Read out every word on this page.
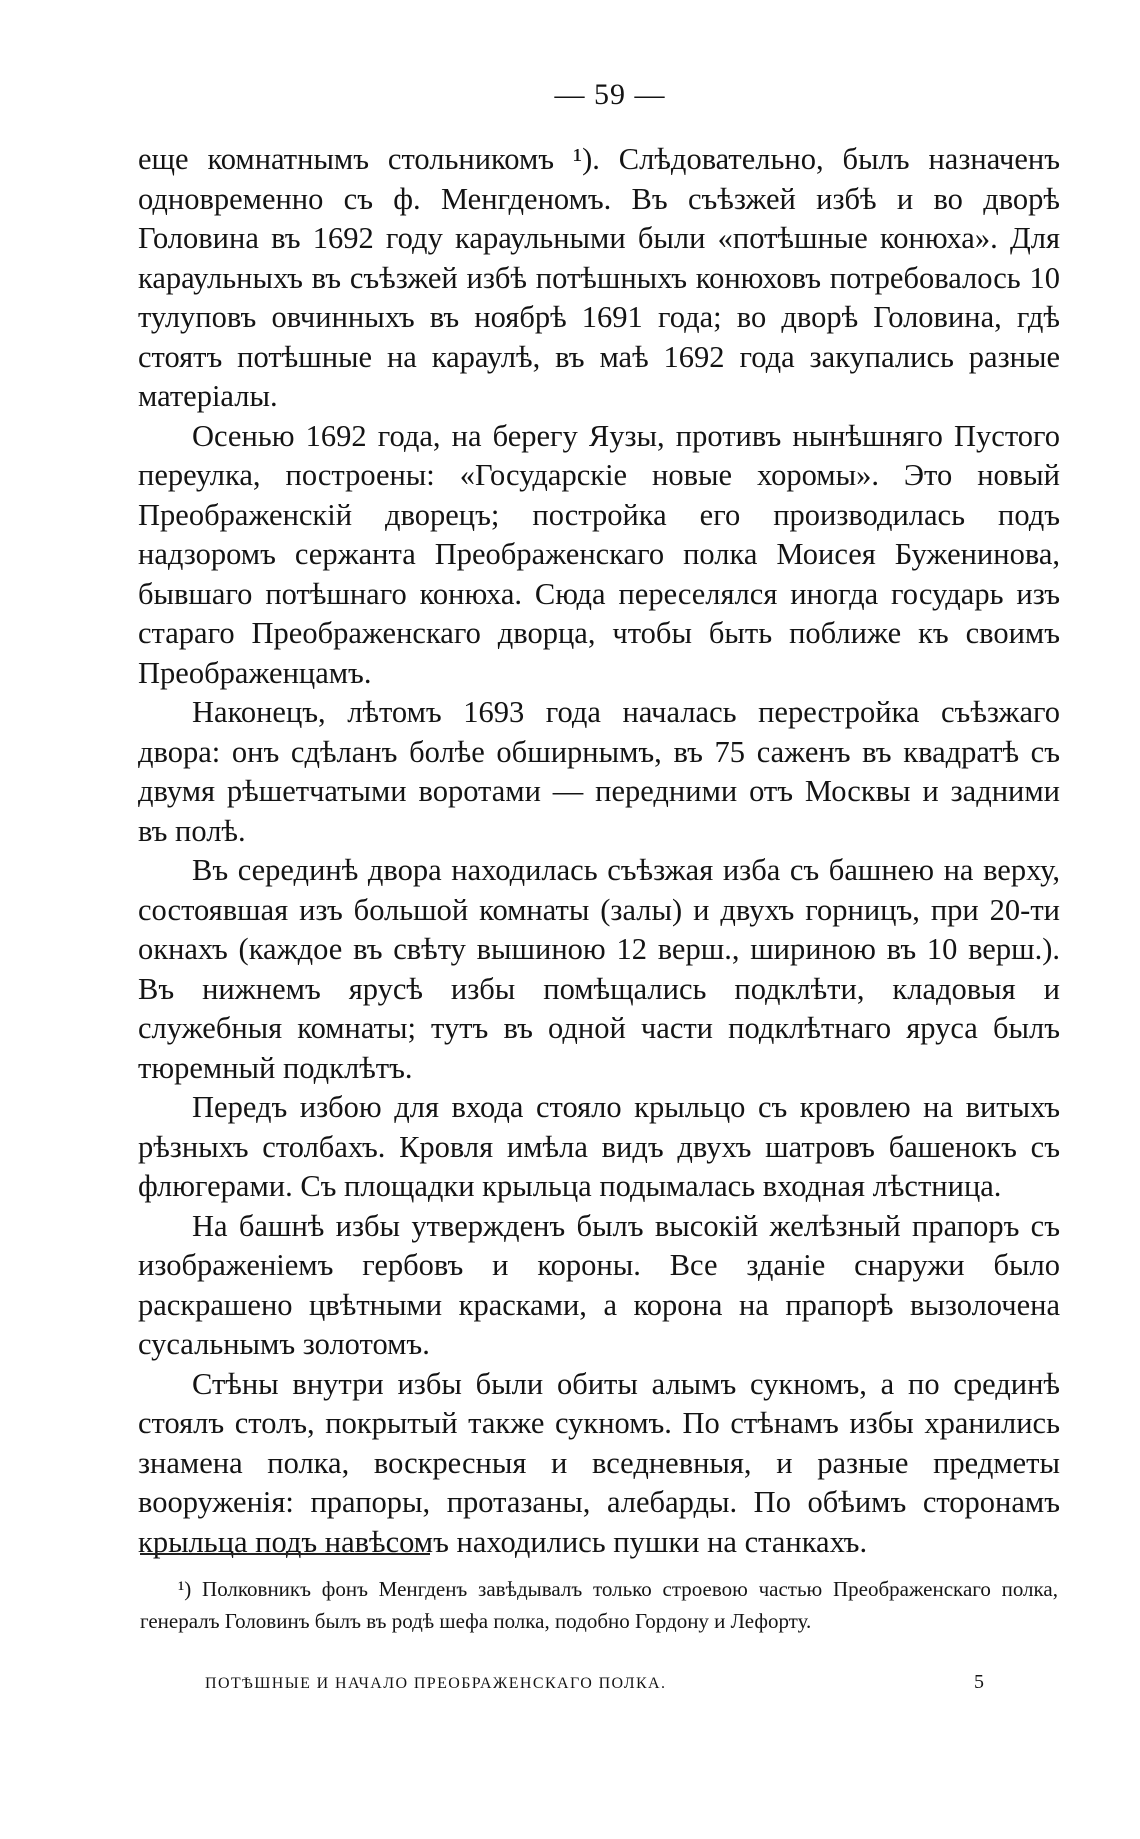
— 59 —

еще комнатнымъ стольникомъ ¹). Слѣдовательно, былъ назначенъ одновременно съ ф. Менгденомъ. Въ съѣзжей избѣ и во дворѣ Головина въ 1692 году караульными были «потѣшные конюха». Для караульныхъ въ съѣзжей избѣ потѣшныхъ конюховъ потребовалось 10 тулуповъ овчинныхъ въ ноябрѣ 1691 года; во дворѣ Головина, гдѣ стоятъ потѣшные на караулѣ, въ маѣ 1692 года закупались разные матеріалы.

Осенью 1692 года, на берегу Яузы, противъ нынѣшняго Пустого переулка, построены: «Государскіе новые хоромы». Это новый Преображенскій дворецъ; постройка его производилась подъ надзоромъ сержанта Преображенскаго полка Моисея Буженинова, бывшаго потѣшнаго конюха. Сюда переселялся иногда государь изъ стараго Преображенскаго дворца, чтобы быть поближе къ своимъ Преображенцамъ.

Наконецъ, лѣтомъ 1693 года началась перестройка съѣзжаго двора: онъ сдѣланъ болѣе обширнымъ, въ 75 саженъ въ квадратѣ съ двумя рѣшетчатыми воротами — передними отъ Москвы и задними въ полѣ.

Въ серединѣ двора находилась съѣзжая изба съ башнею на верху, состоявшая изъ большой комнаты (залы) и двухъ горницъ, при 20-ти окнахъ (каждое въ свѣту вышиною 12 верш., шириною въ 10 верш.). Въ нижнемъ ярусѣ избы помѣщались подклѣти, кладовыя и служебныя комнаты; тутъ въ одной части подклѣтнаго яруса былъ тюремный подклѣтъ.

Передъ избою для входа стояло крыльцо съ кровлею на витыхъ рѣзныхъ столбахъ. Кровля имѣла видъ двухъ шатровъ башенокъ съ флюгерами. Съ площадки крыльца подымалась входная лѣстница.

На башнѣ избы утвержденъ былъ высокій желѣзный прапоръ съ изображеніемъ гербовъ и короны. Все зданіе снаружи было раскрашено цвѣтными красками, а корона на прапорѣ вызолочена сусальнымъ золотомъ.

Стѣны внутри избы были обиты алымъ сукномъ, а по срединѣ стоялъ столъ, покрытый также сукномъ. По стѣнамъ избы хранились знамена полка, воскресныя и вседневныя, и разные предметы вооруженія: прапоры, протазаны, алебарды. По обѣимъ сторонамъ крыльца подъ навѣсомъ находились пушки на станкахъ.

¹) Полковникъ фонъ Менгденъ завѣдывалъ только строевою частью Преображенскаго полка, генералъ Головинъ былъ въ родѣ шефа полка, подобно Гордону и Лефорту.

ПОТѢШНЫЕ И НАЧАЛО ПРЕОБРАЖЕНСКАГО ПОЛКА.	5
